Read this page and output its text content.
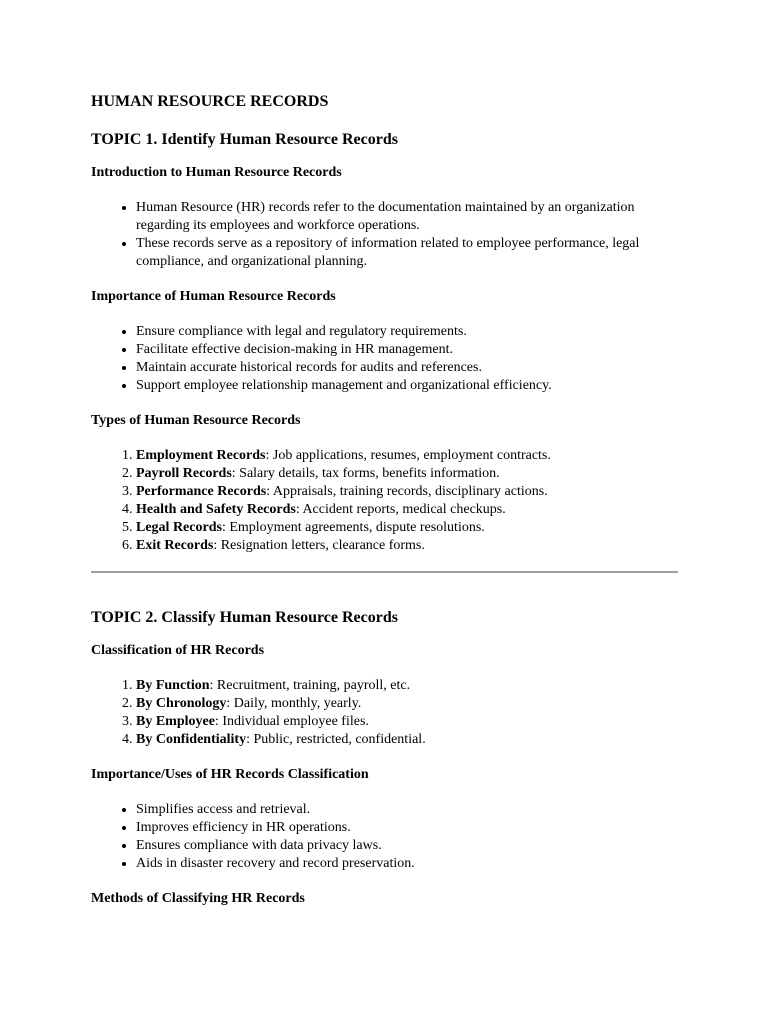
HUMAN RESOURCE RECORDS
TOPIC 1. Identify Human Resource Records
Introduction to Human Resource Records
• Human Resource (HR) records refer to the documentation maintained by an organization regarding its employees and workforce operations.
• These records serve as a repository of information related to employee performance, legal compliance, and organizational planning.
Importance of Human Resource Records
• Ensure compliance with legal and regulatory requirements.
• Facilitate effective decision-making in HR management.
• Maintain accurate historical records for audits and references.
• Support employee relationship management and organizational efficiency.
Types of Human Resource Records
1. Employment Records: Job applications, resumes, employment contracts.
2. Payroll Records: Salary details, tax forms, benefits information.
3. Performance Records: Appraisals, training records, disciplinary actions.
4. Health and Safety Records: Accident reports, medical checkups.
5. Legal Records: Employment agreements, dispute resolutions.
6. Exit Records: Resignation letters, clearance forms.
TOPIC 2. Classify Human Resource Records
Classification of HR Records
1. By Function: Recruitment, training, payroll, etc.
2. By Chronology: Daily, monthly, yearly.
3. By Employee: Individual employee files.
4. By Confidentiality: Public, restricted, confidential.
Importance/Uses of HR Records Classification
• Simplifies access and retrieval.
• Improves efficiency in HR operations.
• Ensures compliance with data privacy laws.
• Aids in disaster recovery and record preservation.
Methods of Classifying HR Records
